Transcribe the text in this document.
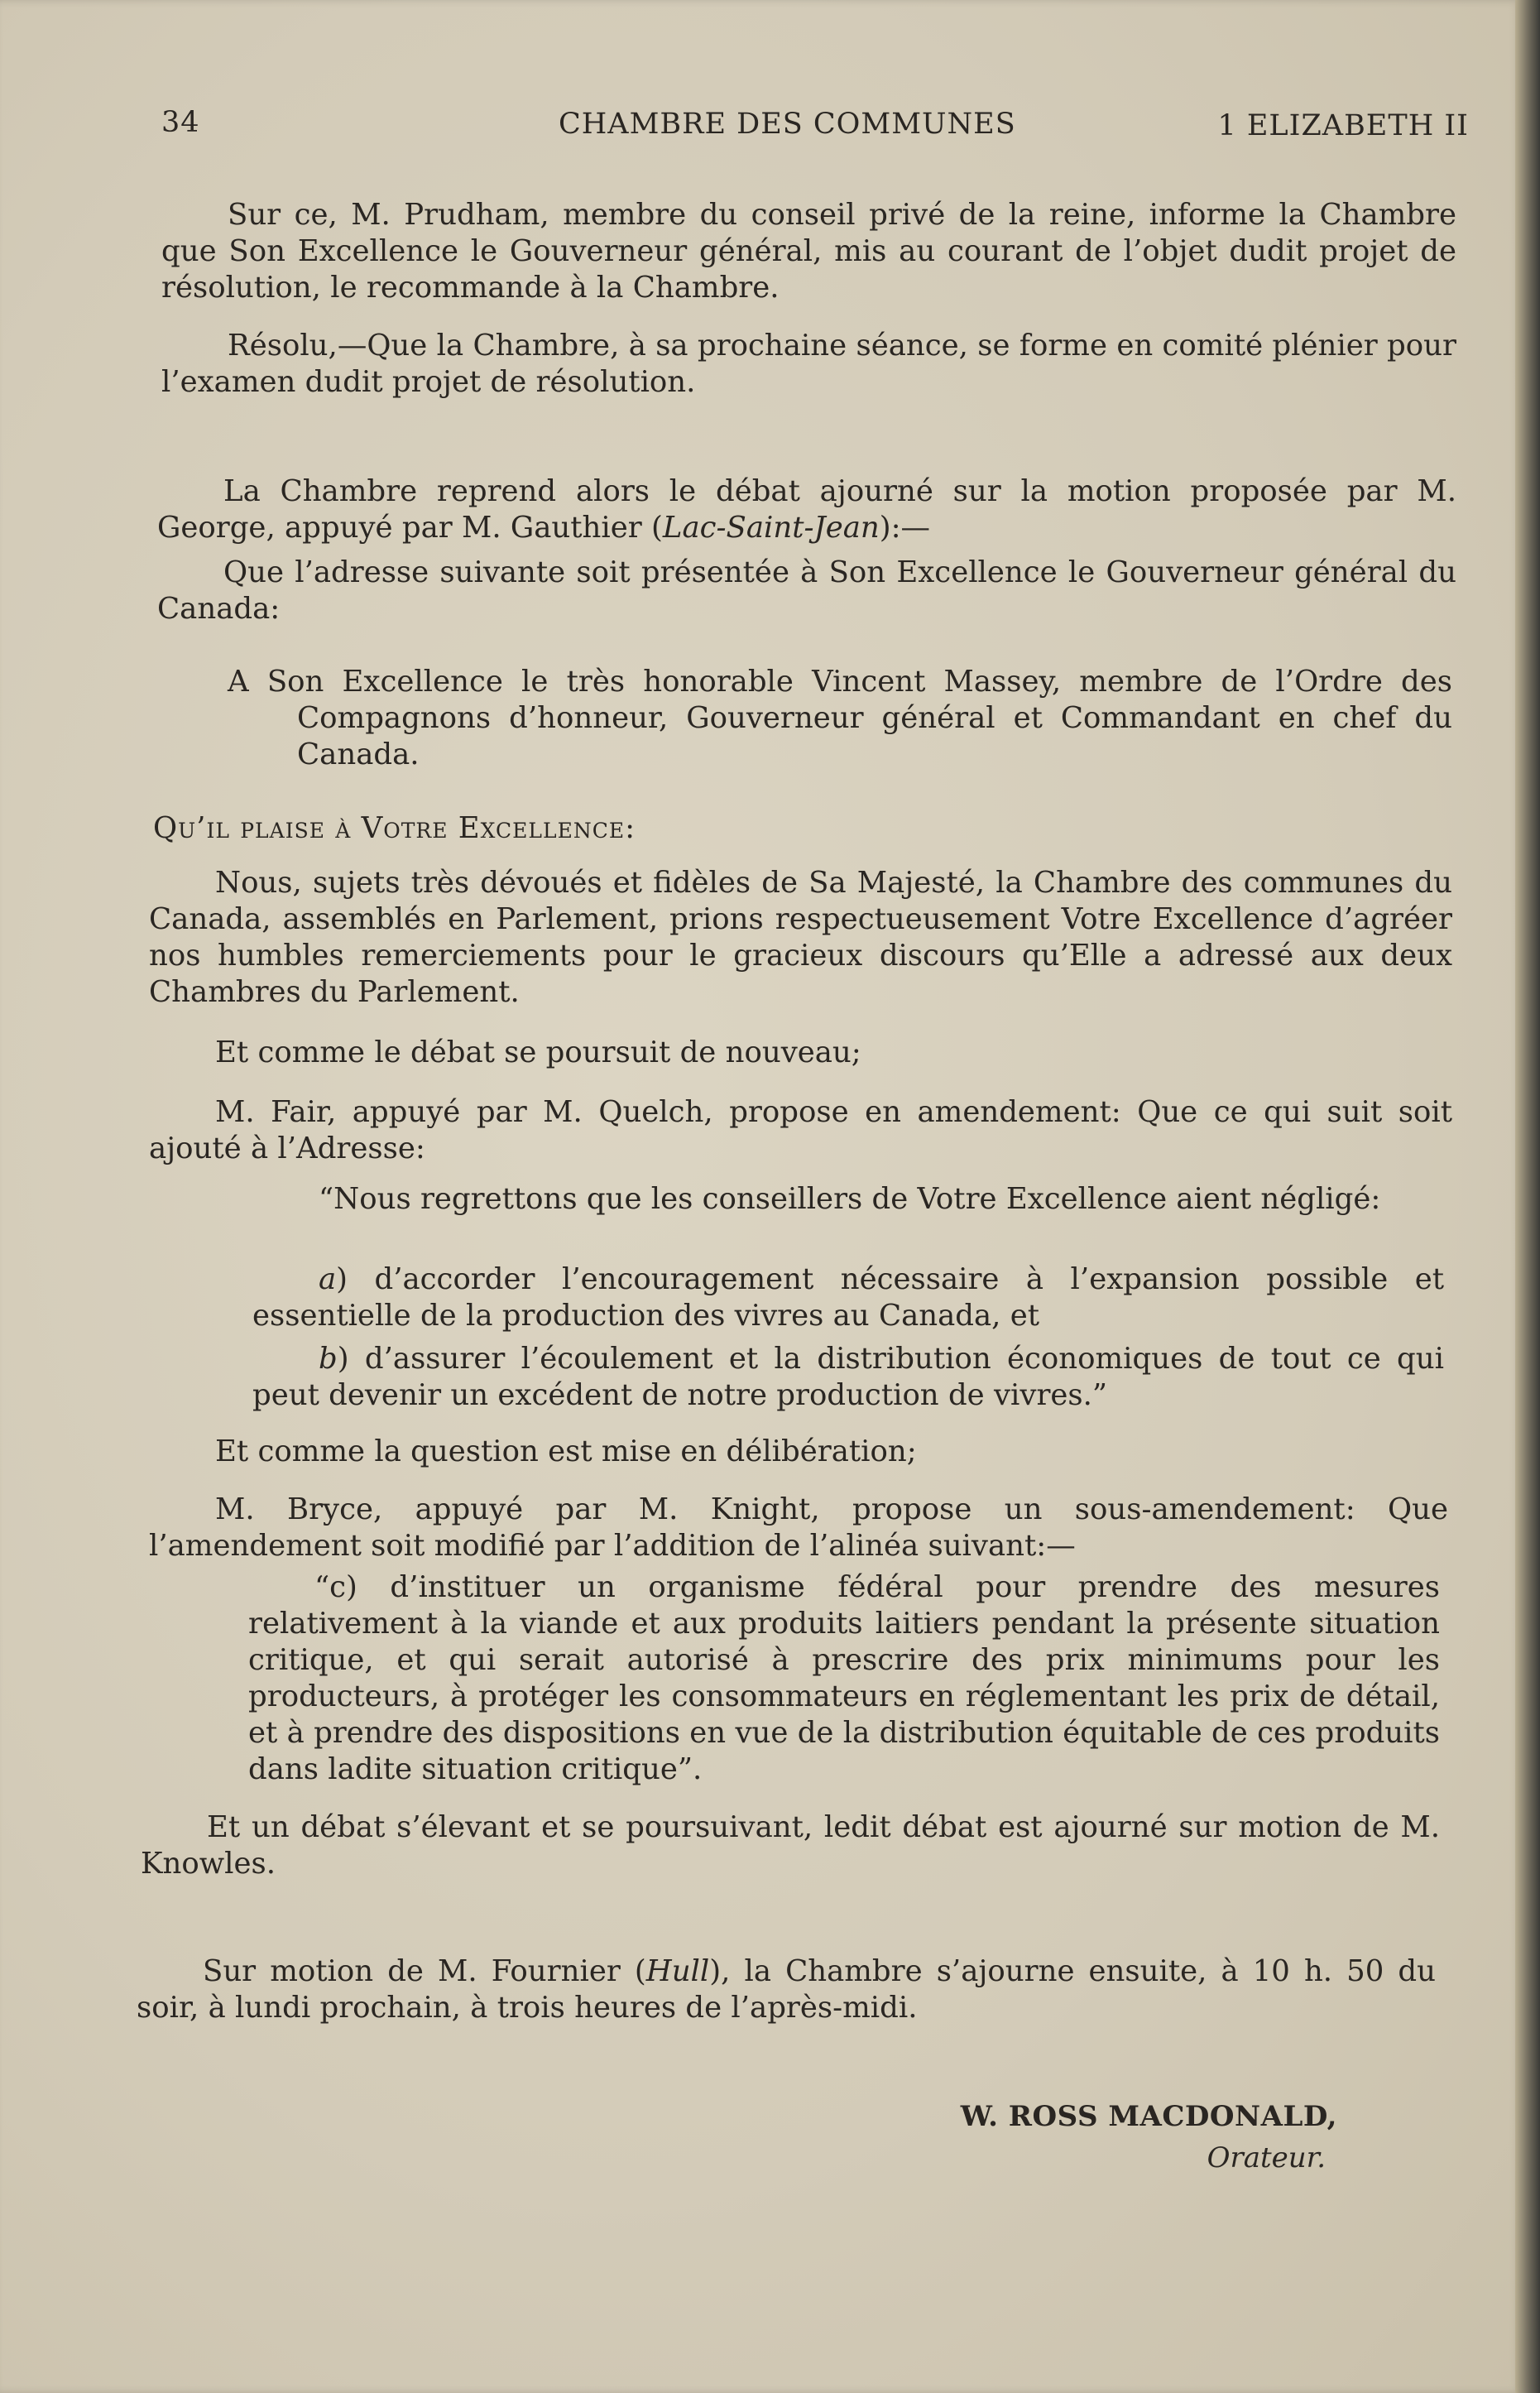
34	CHAMBRE DES COMMUNES	1 ELIZABETH II

Sur ce, M. Prudham, membre du conseil privé de la reine, informe la Chambre que Son Excellence le Gouverneur général, mis au courant de l’objet dudit projet de résolution, le recommande à la Chambre.

Résolu,—Que la Chambre, à sa prochaine séance, se forme en comité plénier pour l’examen dudit projet de résolution.

La Chambre reprend alors le débat ajourné sur la motion proposée par M. George, appuyé par M. Gauthier (Lac-Saint-Jean):—

Que l’adresse suivante soit présentée à Son Excellence le Gouverneur général du Canada:

A Son Excellence le très honorable Vincent Massey, membre de l’Ordre des Compagnons d’honneur, Gouverneur général et Commandant en chef du Canada.

Qu’il plaise à Votre Excellence:

Nous, sujets très dévoués et fidèles de Sa Majesté, la Chambre des communes du Canada, assemblés en Parlement, prions respectueusement Votre Excellence d’agréer nos humbles remerciements pour le gracieux discours qu’Elle a adressé aux deux Chambres du Parlement.

Et comme le débat se poursuit de nouveau;

M. Fair, appuyé par M. Quelch, propose en amendement: Que ce qui suit soit ajouté à l’Adresse:

“Nous regrettons que les conseillers de Votre Excellence aient négligé:

a) d’accorder l’encouragement nécessaire à l’expansion possible et essentielle de la production des vivres au Canada, et

b) d’assurer l’écoulement et la distribution économiques de tout ce qui peut devenir un excédent de notre production de vivres.”

Et comme la question est mise en délibération;

M. Bryce, appuyé par M. Knight, propose un sous-amendement: Que l’amendement soit modifié par l’addition de l’alinéa suivant:—

“c) d’instituer un organisme fédéral pour prendre des mesures relativement à la viande et aux produits laitiers pendant la présente situation critique, et qui serait autorisé à prescrire des prix minimums pour les producteurs, à protéger les consommateurs en réglementant les prix de détail, et à prendre des dispositions en vue de la distribution équitable de ces produits dans ladite situation critique”.

Et un débat s’élevant et se poursuivant, ledit débat est ajourné sur motion de M. Knowles.

Sur motion de M. Fournier (Hull), la Chambre s’ajourne ensuite, à 10 h. 50 du soir, à lundi prochain, à trois heures de l’après-midi.

W. ROSS MACDONALD,
Orateur.
